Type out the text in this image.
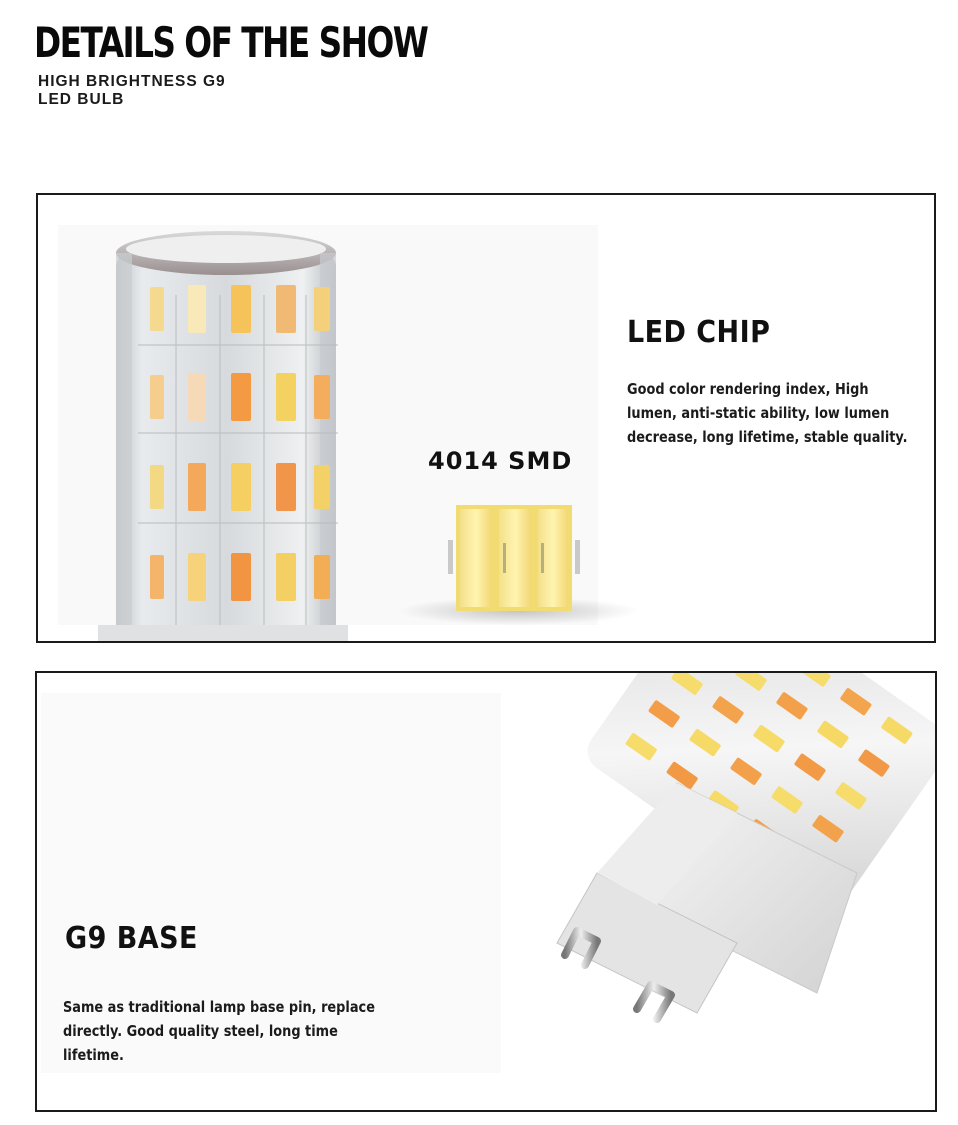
DETAILS OF THE SHOW
HIGH BRIGHTNESS G9
LED BULB
4014 SMD
LED CHIP
Good color rendering index, High
lumen, anti-static ability, low lumen
decrease, long lifetime, stable quality.
G9 BASE
Same as traditional lamp base pin, replace
directly. Good quality steel, long time
lifetime.
